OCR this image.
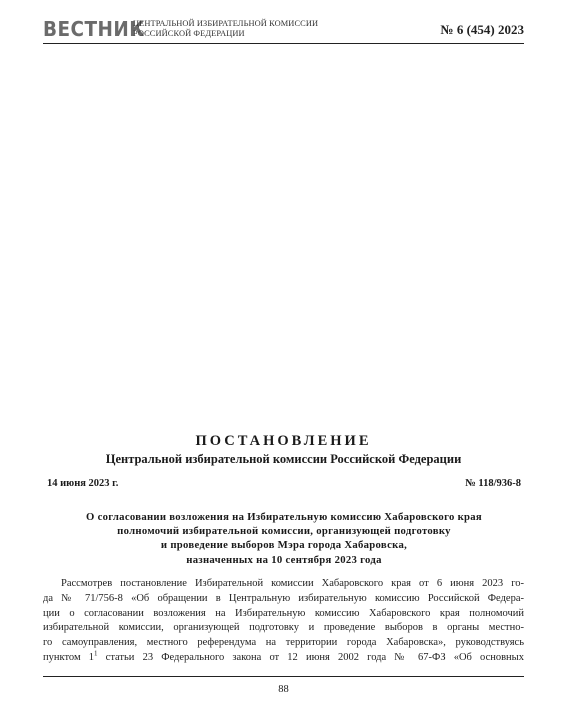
ВЕСТНИК
ЦЕНТРАЛЬНОЙ ИЗБИРАТЕЛЬНОЙ КОМИССИИ
РОССИЙСКОЙ ФЕДЕРАЦИИ	№ 6 (454) 2023
ПОСТАНОВЛЕНИЕ
Центральной избирательной комиссии Российской Федерации
14 июня 2023 г.	№ 118/936-8
О согласовании возложения на Избирательную комиссию Хабаровского края
полномочий избирательной комиссии, организующей подготовку
и проведение выборов Мэра города Хабаровска,
назначенных на 10 сентября 2023 года
Рассмотрев постановление Избирательной комиссии Хабаровского края от 6 июня 2023 го-
да № 71/756-8 «Об обращении в Центральную избирательную комиссию Российской Федера-
ции о согласовании возложения на Избирательную комиссию Хабаровского края полномочий
избирательной комиссии, организующей подготовку и проведение выборов в органы местно-
го самоуправления, местного референдума на территории города Хабаровска», руководствуясь
пунктом $1^1$ статьи 23 Федерального закона от 12 июня 2002 года № 67-ФЗ «Об основных
88
